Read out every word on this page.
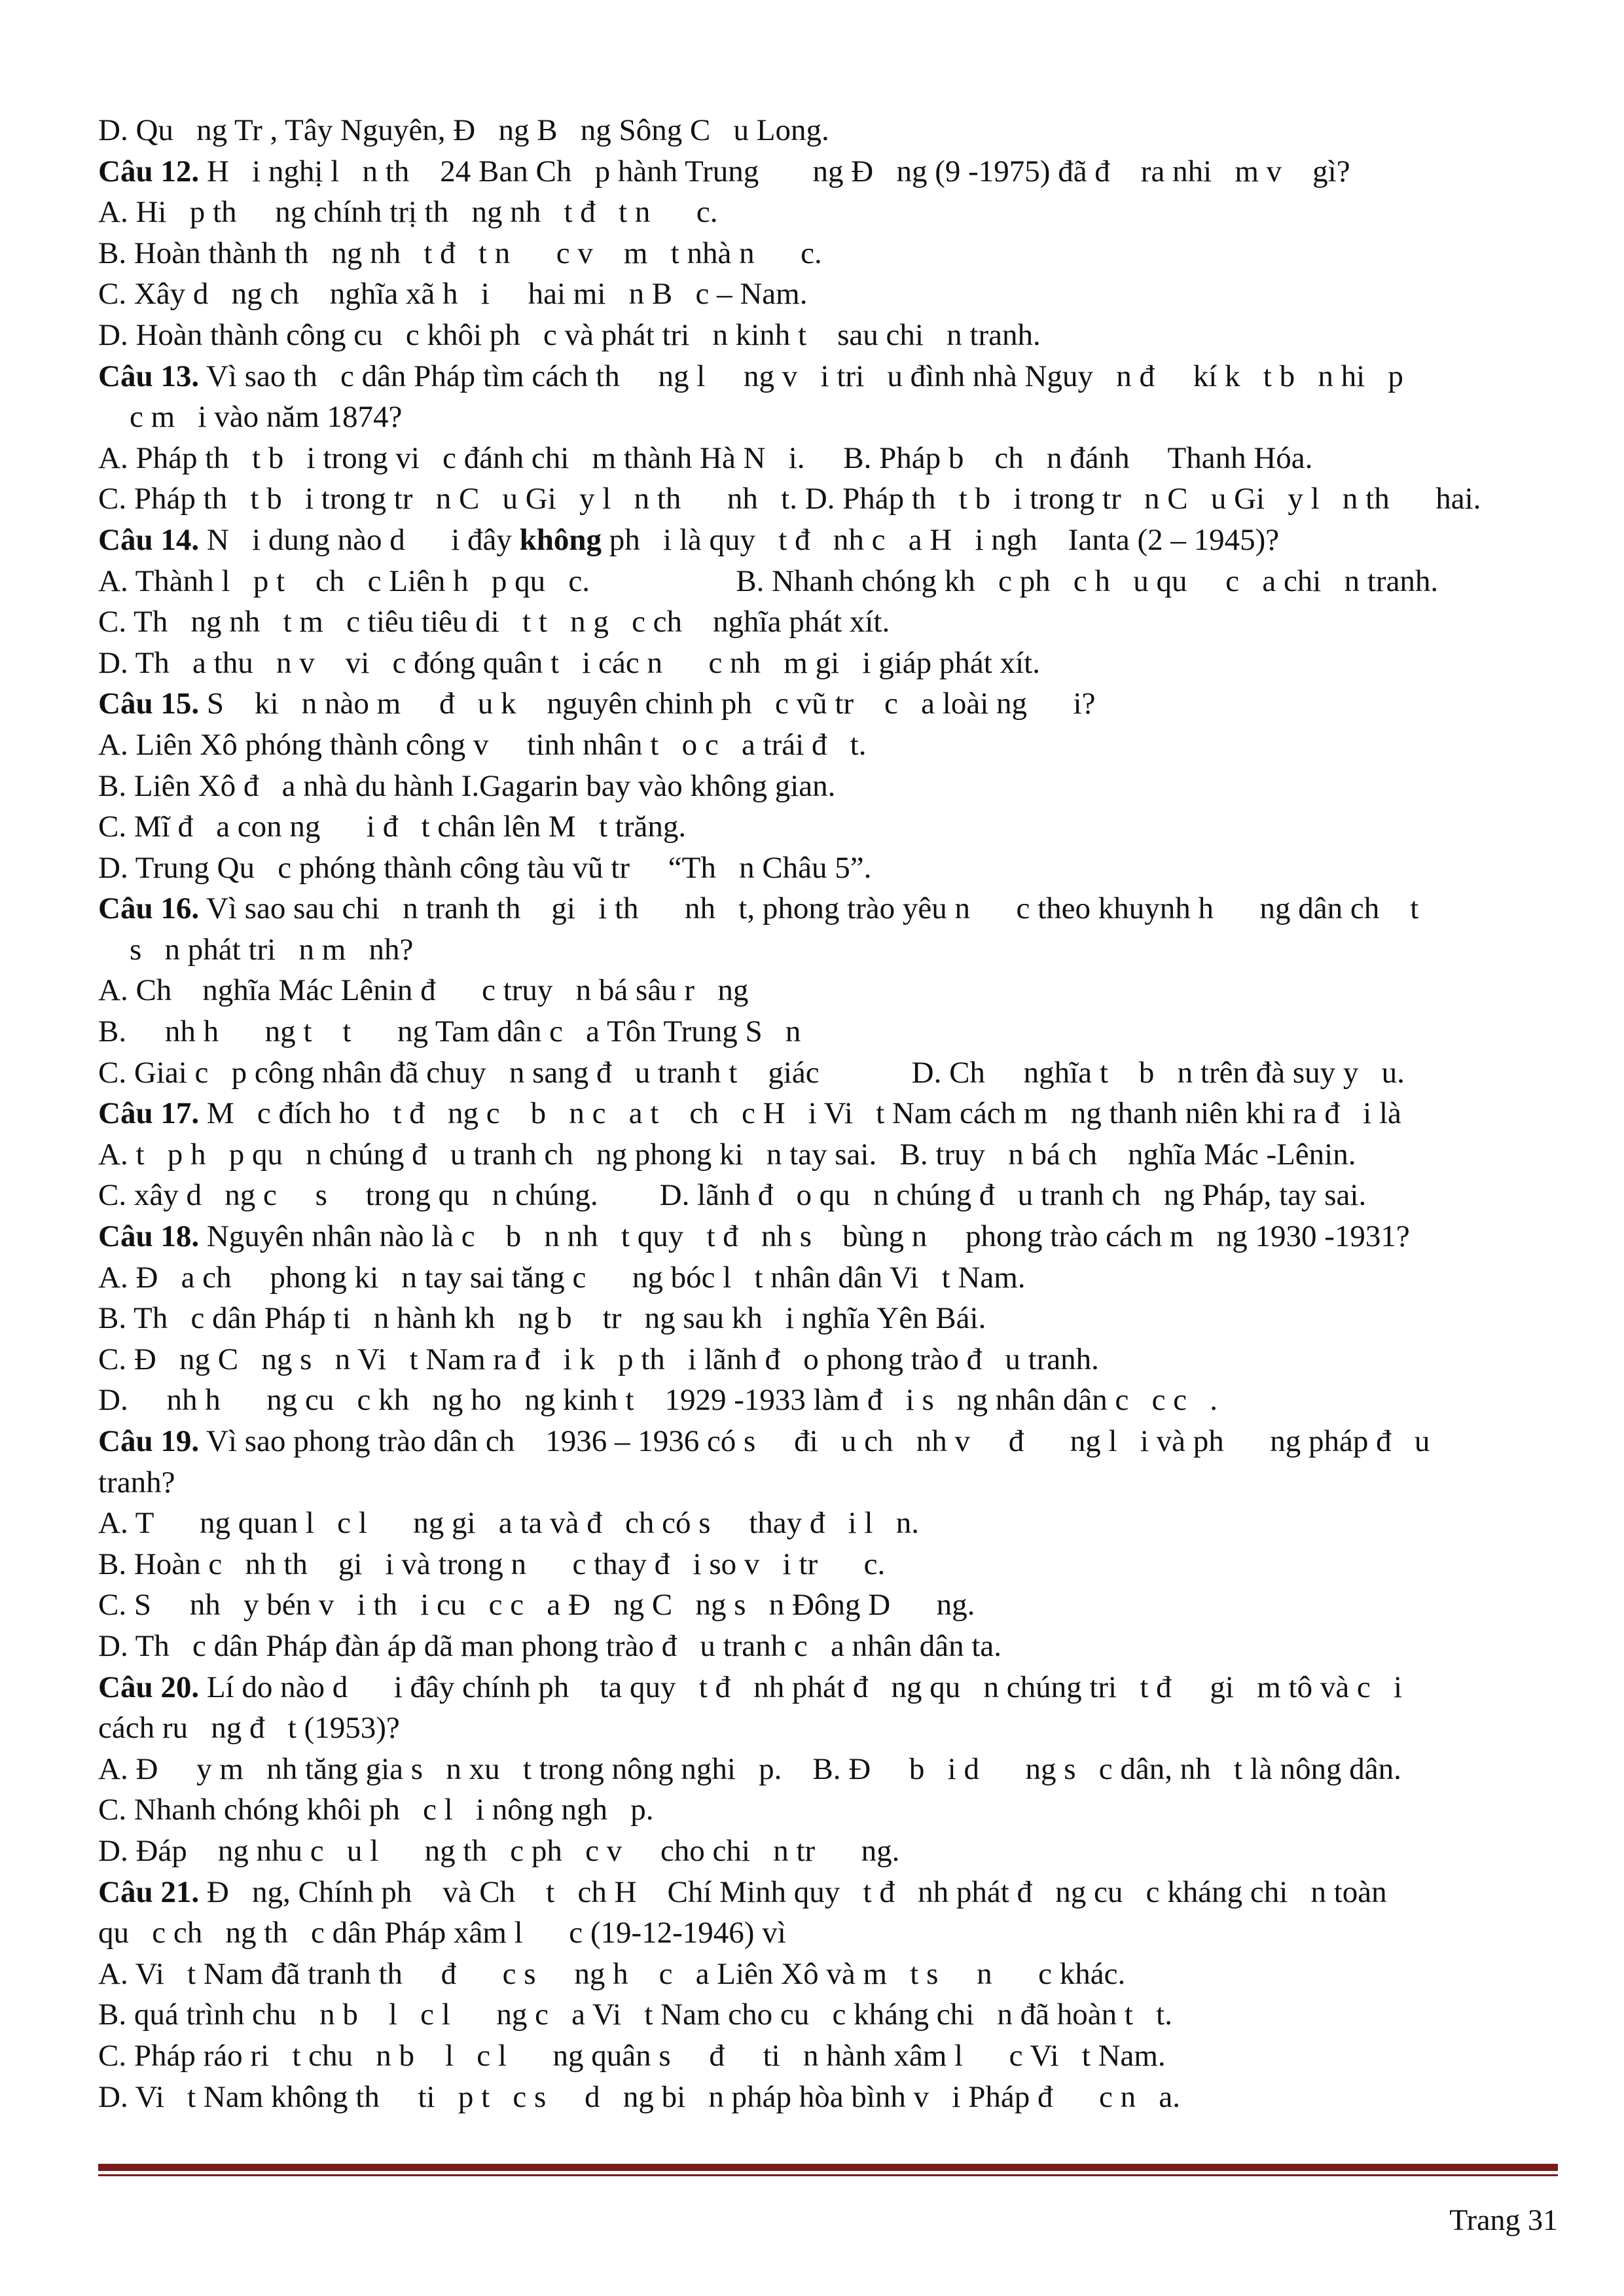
D. Qu   ng Tr , Tây Nguyên, Đ   ng B   ng Sông C   u Long.
Câu 12. H   i nghị l   n th    24 Ban Ch   p hành Trung       ng Đ   ng (9 -1975) đã đ    ra nhi   m v    gì?
A. Hi   p th     ng chính trị th   ng nh   t đ   t n      c.
B. Hoàn thành th   ng nh   t đ   t n      c v    m   t nhà n      c.
C. Xây d   ng ch    nghĩa xã h   i     hai mi   n B   c – Nam.
D. Hoàn thành công cu   c khôi ph   c và phát tri   n kinh t    sau chi   n tranh.
Câu 13. Vì sao th   c dân Pháp tìm cách th     ng l     ng v   i tri   u đình nhà Nguy   n đ     kí k   t b   n hi   p
c m   i vào năm 1874?
A. Pháp th   t b   i trong vi   c đánh chi   m thành Hà N   i.     B. Pháp b    ch   n đánh     Thanh Hóa.
C. Pháp th   t b   i trong tr   n C   u Gi   y l   n th      nh   t. D. Pháp th   t b   i trong tr   n C   u Gi   y l   n th      hai.
Câu 14. N   i dung nào d      i đây không ph   i là quy   t đ   nh c   a H   i ngh    Ianta (2 – 1945)?
A. Thành l   p t    ch   c Liên h   p qu   c.                   B. Nhanh chóng kh   c ph   c h   u qu     c   a chi   n tranh.
C. Th   ng nh   t m   c tiêu tiêu di   t t   n g   c ch    nghĩa phát xít.
D. Th   a thu   n v    vi   c đóng quân t   i các n      c nh   m gi   i giáp phát xít.
Câu 15. S    ki   n nào m     đ   u k    nguyên chinh ph   c vũ tr    c   a loài ng      i?
A. Liên Xô phóng thành công v     tinh nhân t   o c   a trái đ   t.
B. Liên Xô đ   a nhà du hành I.Gagarin bay vào không gian.
C. Mĩ đ   a con ng      i đ   t chân lên M   t trăng.
D. Trung Qu   c phóng thành công tàu vũ tr     “Th   n Châu 5”.
Câu 16. Vì sao sau chi   n tranh th    gi   i th      nh   t, phong trào yêu n      c theo khuynh h      ng dân ch    t
s   n phát tri   n m   nh?
A. Ch    nghĩa Mác Lênin đ      c truy   n bá sâu r   ng
B.     nh h      ng t    t      ng Tam dân c   a Tôn Trung S   n
C. Giai c   p công nhân đã chuy   n sang đ   u tranh t    giác            D. Ch     nghĩa t    b   n trên đà suy y   u.
Câu 17. M   c đích ho   t đ   ng c    b   n c   a t    ch   c H   i Vi   t Nam cách m   ng thanh niên khi ra đ   i là
A. t   p h   p qu   n chúng đ   u tranh ch   ng phong ki   n tay sai.   B. truy   n bá ch    nghĩa Mác -Lênin.
C. xây d   ng c     s     trong qu   n chúng.        D. lãnh đ   o qu   n chúng đ   u tranh ch   ng Pháp, tay sai.
Câu 18. Nguyên nhân nào là c    b   n nh   t quy   t đ   nh s    bùng n     phong trào cách m   ng 1930 -1931?
A. Đ   a ch     phong ki   n tay sai tăng c      ng bóc l   t nhân dân Vi   t Nam.
B. Th   c dân Pháp ti   n hành kh   ng b    tr   ng sau kh   i nghĩa Yên Bái.
C. Đ   ng C   ng s   n Vi   t Nam ra đ   i k   p th   i lãnh đ   o phong trào đ   u tranh.
D.     nh h      ng cu   c kh   ng ho   ng kinh t    1929 -1933 làm đ   i s   ng nhân dân c   c c   .
Câu 19. Vì sao phong trào dân ch    1936 – 1936 có s     đi   u ch   nh v     đ      ng l   i và ph      ng pháp đ   u
tranh?
A. T      ng quan l   c l      ng gi   a ta và đ   ch có s     thay đ   i l   n.
B. Hoàn c   nh th    gi   i và trong n      c thay đ   i so v   i tr      c.
C. S     nh   y bén v   i th   i cu   c c   a Đ   ng C   ng s   n Đông D      ng.
D. Th   c dân Pháp đàn áp dã man phong trào đ   u tranh c   a nhân dân ta.
Câu 20. Lí do nào d      i đây chính ph    ta quy   t đ   nh phát đ   ng qu   n chúng tri   t đ     gi   m tô và c   i
cách ru   ng đ   t (1953)?
A. Đ     y m   nh tăng gia s   n xu   t trong nông nghi   p.    B. Đ     b   i d      ng s   c dân, nh   t là nông dân.
C. Nhanh chóng khôi ph   c l   i nông ngh   p.
D. Đáp    ng nhu c   u l      ng th   c ph   c v     cho chi   n tr      ng.
Câu 21. Đ   ng, Chính ph    và Ch    t   ch H    Chí Minh quy   t đ   nh phát đ   ng cu   c kháng chi   n toàn
qu   c ch   ng th   c dân Pháp xâm l      c (19-12-1946) vì
A. Vi   t Nam đã tranh th     đ      c s     ng h    c   a Liên Xô và m   t s     n      c khác.
B. quá trình chu   n b    l   c l      ng c   a Vi   t Nam cho cu   c kháng chi   n đã hoàn t   t.
C. Pháp ráo ri   t chu   n b    l   c l      ng quân s     đ     ti   n hành xâm l      c Vi   t Nam.
D. Vi   t Nam không th     ti   p t   c s     d   ng bi   n pháp hòa bình v   i Pháp đ      c n   a.
Trang 31
